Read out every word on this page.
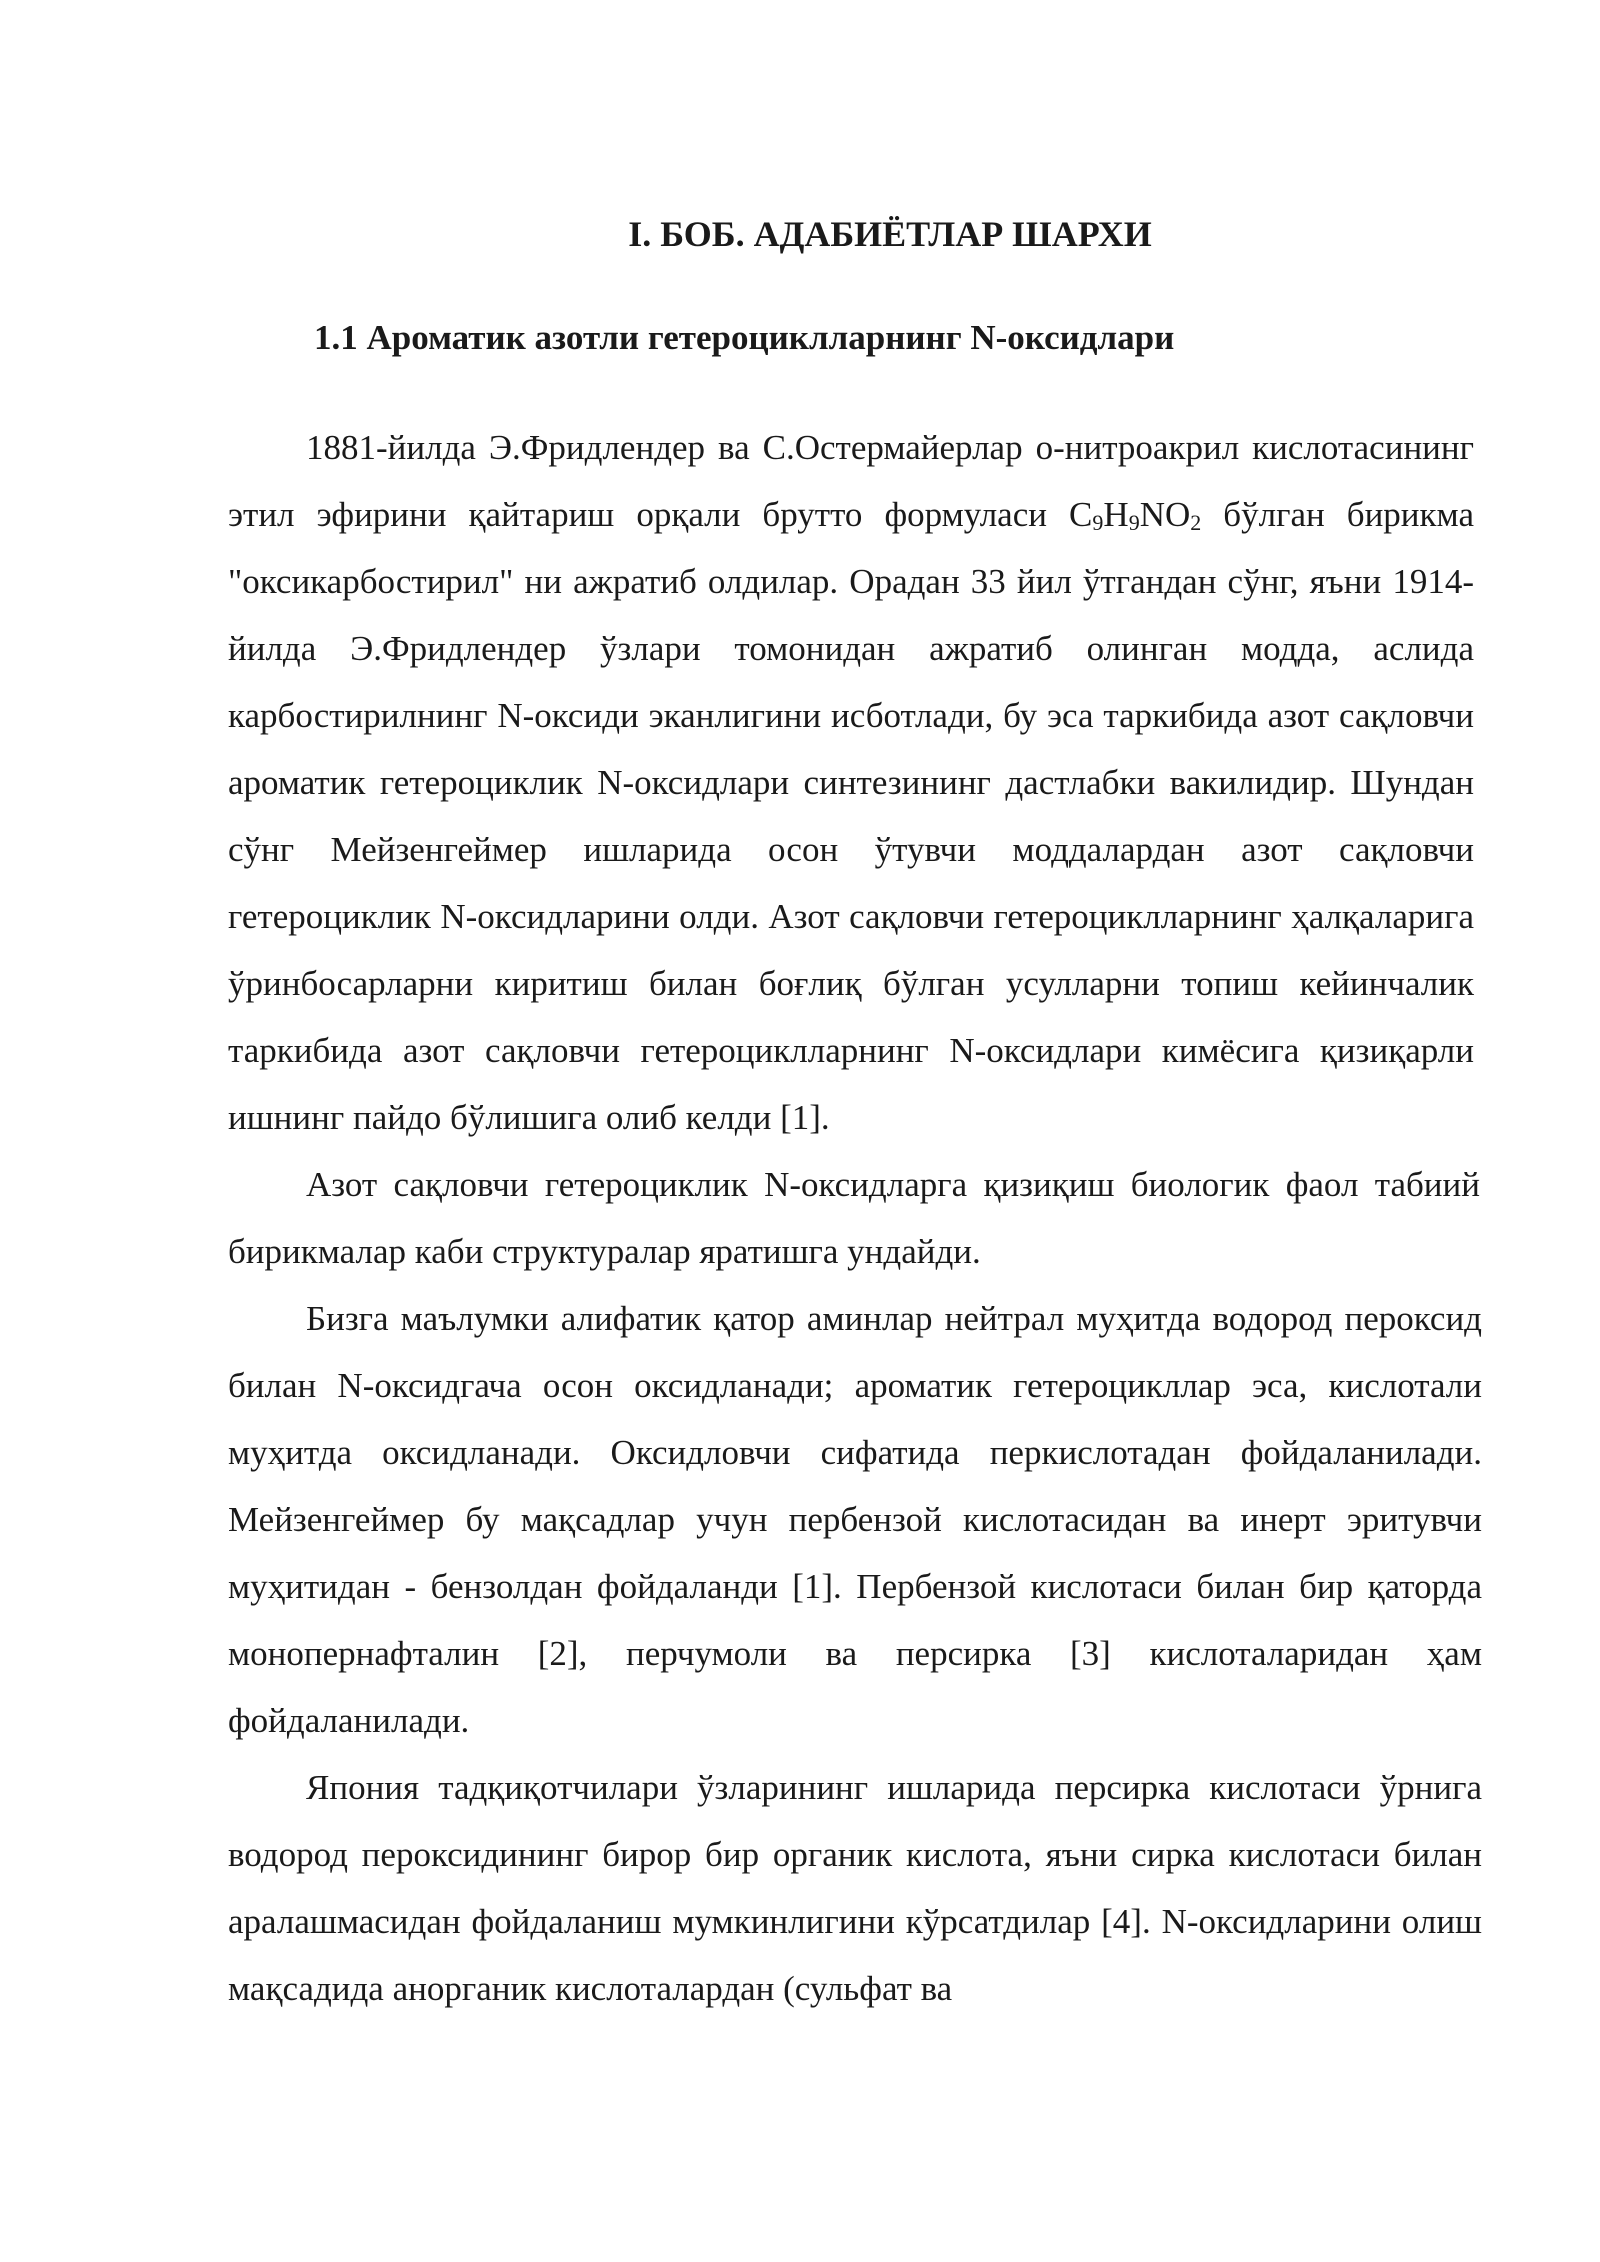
I. БОБ. АДАБИЁТЛАР ШАРХИ
1.1 Ароматик азотли гетероциклларнинг N-оксидлари

1881-йилда Э.Фридлендер ва С.Остермайерлар о-нитроакрил кислотасининг этил эфирини қайтариш орқали брутто формуласи $C_9H_9NO_2$ бўлган бирикма "оксикарбостирил" ни ажратиб олдилар. Орадан 33 йил ўтгандан сўнг, яъни 1914-йилда Э.Фридлендер ўзлари томонидан ажратиб олинган модда, аслида карбостирилнинг N-оксиди эканлигини исботлади, бу эса таркибида азот сақловчи ароматик гетероциклик N-оксидлари синтезининг дастлабки вакилидир. Шундан сўнг Мейзенгеймер ишларида осон ўтувчи моддалардан азот сақловчи гетероциклик N-оксидларини олди. Азот сақловчи гетероциклларнинг ҳалқаларига ўринбосарларни киритиш билан боғлиқ бўлган усулларни топиш кейинчалик таркибида азот сақловчи гетероциклларнинг N-оксидлари кимёсига қизиқарли ишнинг пайдо бўлишига олиб келди [1].

Азот сақловчи гетероциклик N-оксидларга қизиқиш биологик фаол табиий бирикмалар каби структуралар яратишга ундайди.

Бизга маълумки алифатик қатор аминлар нейтрал муҳитда водород пероксид билан N-оксидгача осон оксидланади; ароматик гетероцикллар эса, кислотали муҳитда оксидланади. Оксидловчи сифатида перкислотадан фойдаланилади. Мейзенгеймер бу мақсадлар учун пербензой кислотасидан ва инерт эритувчи муҳитидан - бензолдан фойдаланди [1]. Пербензой кислотаси билан бир қаторда монопернафталин [2], перчумоли ва персирка [3] кислоталаридан ҳам фойдаланилади.

Япония тадқиқотчилари ўзларининг ишларида персирка кислотаси ўрнига водород пероксидининг бирор бир органик кислота, яъни сирка кислотаси билан аралашмасидан фойдаланиш мумкинлигини кўрсатдилар [4]. N-оксидларини олиш мақсадида анорганик кислоталардан (сульфат ва
